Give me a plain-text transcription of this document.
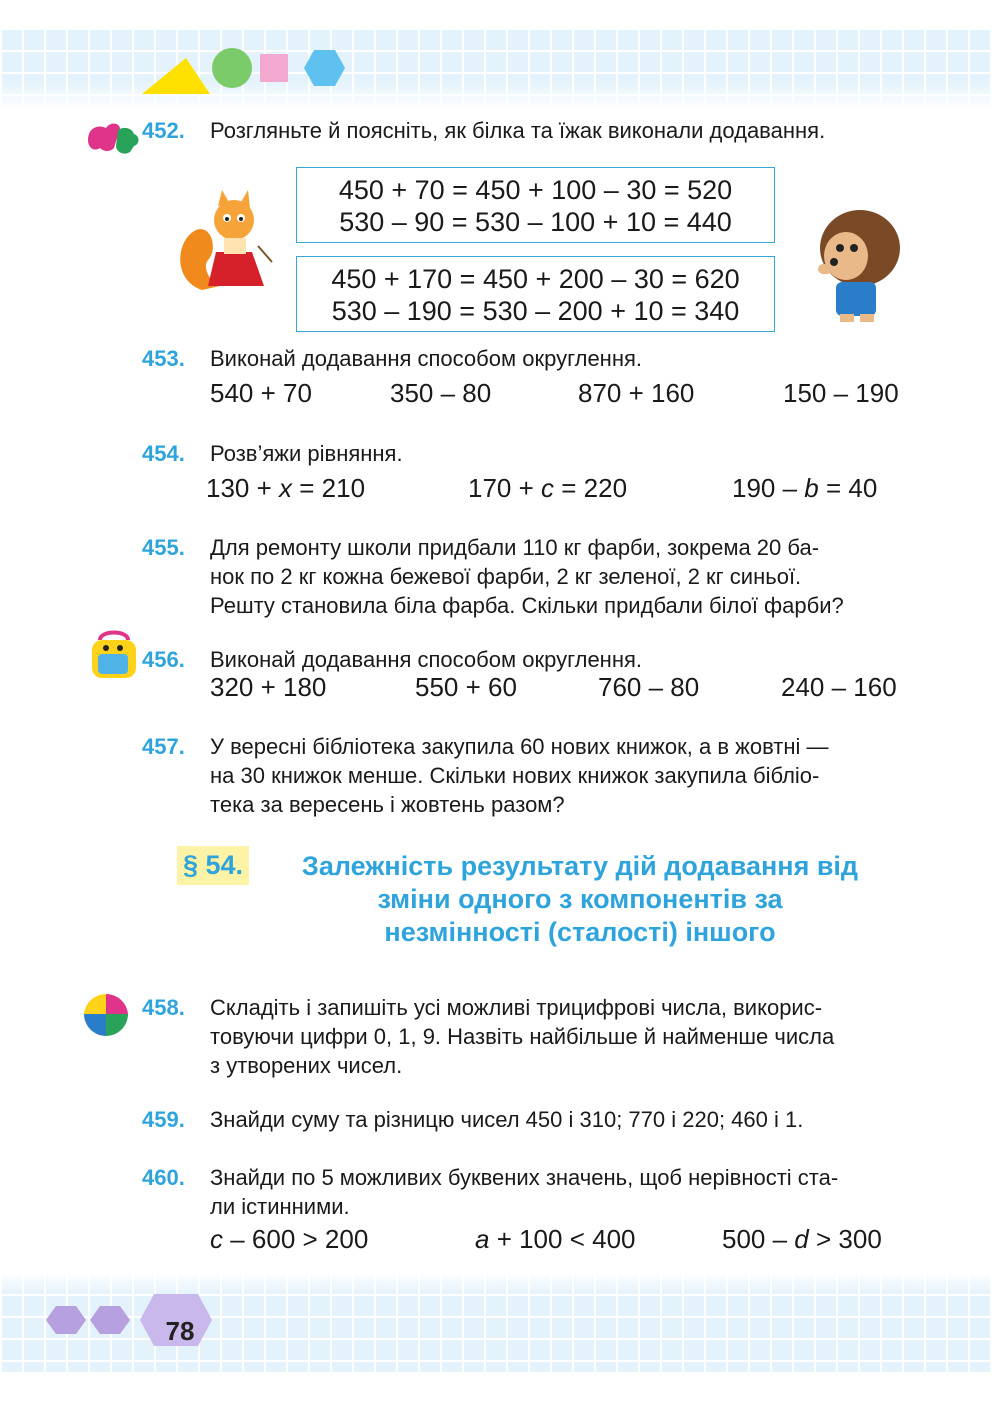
452. Розгляньте й поясніть, як білка та їжак виконали додавання.
450 + 70 = 450 + 100 – 30 = 520
530 – 90 = 530 – 100 + 10 = 440
450 + 170 = 450 + 200 – 30 = 620
530 – 190 = 530 – 200 + 10 = 340
453. Виконай додавання способом округлення.
540 + 70	350 – 80	870 + 160	150 – 190
454. Розв’яжи рівняння.
130 + x = 210	170 + c = 220	190 – b = 40
455. Для ремонту школи придбали 110 кг фарби, зокрема 20 ба-
нок по 2 кг кожна бежевої фарби, 2 кг зеленої, 2 кг синьої.
Решту становила біла фарба. Скільки придбали білої фарби?
456. Виконай додавання способом округлення.
320 + 180	550 + 60	760 – 80	240 – 160
457. У вересні бібліотека закупила 60 нових книжок, а в жовтні —
на 30 книжок менше. Скільки нових книжок закупила бібліо-
тека за вересень і жовтень разом?
§ 54.	Залежність результату дій додавання від
зміни одного з компонентів за
незмінності (сталості) іншого
458. Складіть і запишіть усі можливі трицифрові числа, викорис-
товуючи цифри 0, 1, 9. Назвіть найбільше й найменше числа
з утворених чисел.
459. Знайди суму та різницю чисел 450 і 310; 770 і 220; 460 і 1.
460. Знайди по 5 можливих буквених значень, щоб нерівності ста-
ли істинними.
c – 600 > 200	a + 100 < 400	500 – d > 300
78
